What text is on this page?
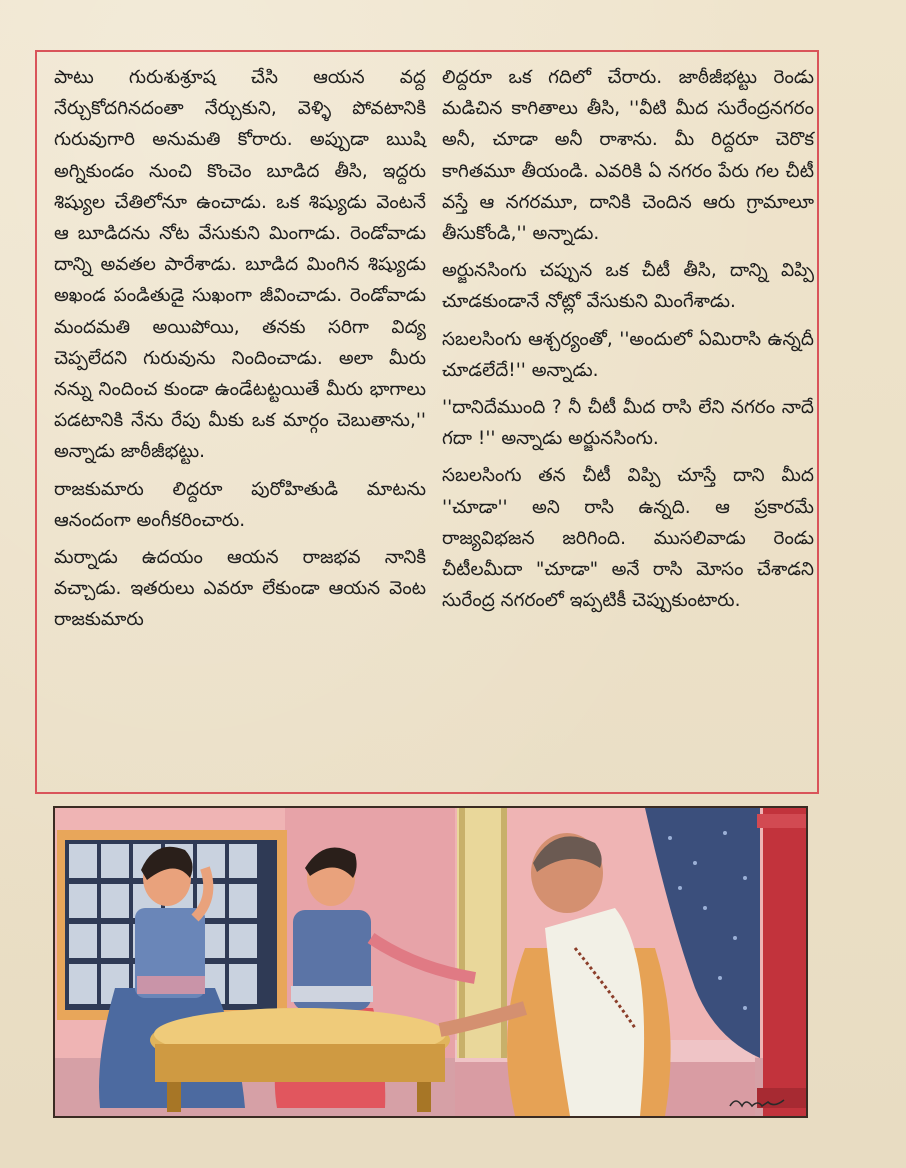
పాటు గురుశుశ్రూష చేసి ఆయన వద్ద నేర్చుకోదగినదంతా నేర్చుకుని, వెళ్ళి పోవటానికి గురువుగారి అనుమతి కోరారు. అప్పుడా ఋషి అగ్నికుండం నుంచి కొంచెం బూడిద తీసి, ఇద్దరు శిష్యుల చేతిలోనూ ఉంచాడు. ఒక శిష్యుడు వెంటనే ఆ బూడిదను నోట వేసుకుని మింగాడు. రెండోవాడు దాన్ని అవతల పారేశాడు. బూడిద మింగిన శిష్యుడు అఖండ పండితుడై సుఖంగా జీవించాడు. రెండోవాడు మందమతి అయిపోయి, తనకు సరిగా విద్య చెప్పలేదని గురువును నిందించాడు. అలా మీరు నన్ను నిందించ కుండా ఉండేటట్టయితే మీరు భాగాలు పడటానికి నేను రేపు మీకు ఒక మార్గం చెబుతాను,'' అన్నాడు జాఠీజీభట్టు.

రాజకుమారు లిద్దరూ పురోహితుడి మాటను ఆనందంగా అంగీకరించారు.

మర్నాడు ఉదయం ఆయన రాజభవ నానికి వచ్చాడు. ఇతరులు ఎవరూ లేకుండా ఆయన వెంట రాజకుమారు

లిద్దరూ ఒక గదిలో చేరారు. జాఠీజీభట్టు రెండు మడిచిన కాగితాలు తీసి, ''వీటి మీద సురేంద్రనగరం అనీ, చూడా అనీ రాశాను. మీ రిద్దరూ చెరొక కాగితమూ తీయండి. ఎవరికి ఏ నగరం పేరు గల చీటీ వస్తే ఆ నగరమూ, దానికి చెందిన ఆరు గ్రామాలూ తీసుకోండి,'' అన్నాడు.

అర్జునసింగు చప్పున ఒక చీటీ తీసి, దాన్ని విప్పి చూడకుండానే నోట్లో వేసుకుని మింగేశాడు.

సబలసింగు ఆశ్చర్యంతో, ''అందులో ఏమిరాసి ఉన్నదీ చూడలేదే!'' అన్నాడు.

''దానిదేముంది ? నీ చీటీ మీద రాసి లేని నగరం నాదే గదా !'' అన్నాడు అర్జునసింగు.

సబలసింగు తన చీటీ విప్పి చూస్తే దాని మీద ''చూడా'' అని రాసి ఉన్నది. ఆ ప్రకారమే రాజ్యవిభజన జరిగింది. ముసలివాడు రెండు చీటీలమీదా "చూడా" అనే రాసి మోసం చేశాడని సురేంద్ర నగరంలో ఇప్పటికీ చెప్పుకుంటారు.
